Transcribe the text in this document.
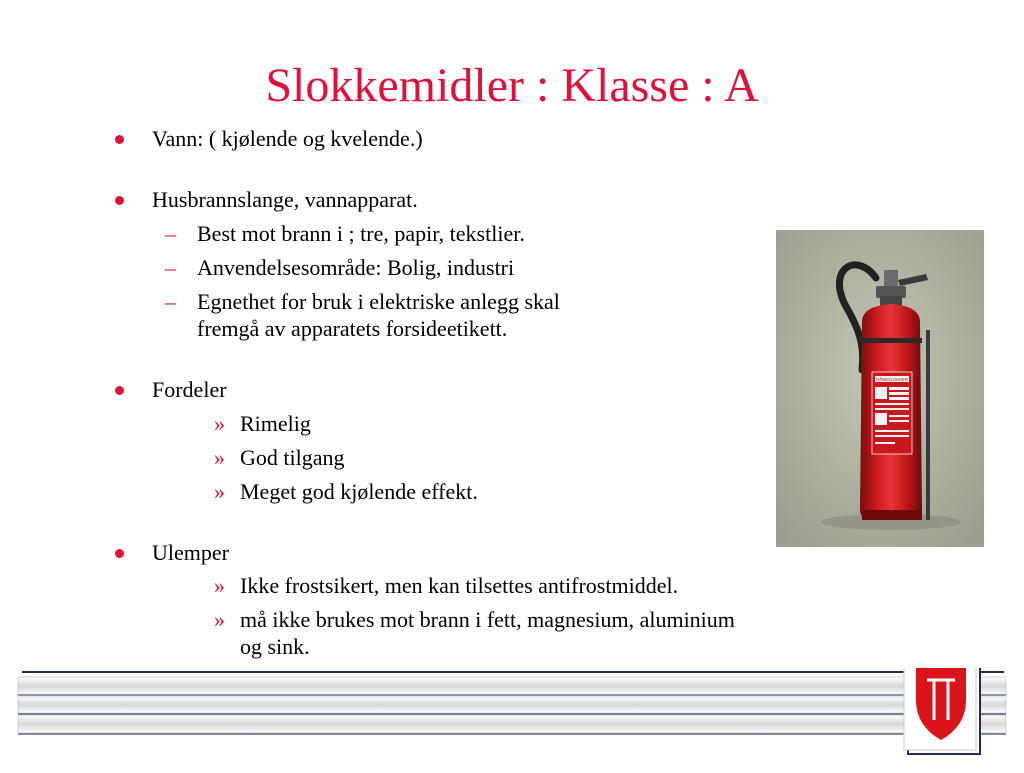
Slokkemidler : Klasse : A
Vann: ( kjølende og kvelende.)
Husbrannslange, vannapparat.
– Best mot brann i ; tre, papir, tekstlier.
– Anvendelsesområde: Bolig, industri
– Egnethet for bruk i elektriske anlegg skal
fremgå av apparatets forsideetikett.
Fordeler
» Rimelig
» God tilgang
» Meget god kjølende effekt.
Ulemper
» Ikke frostsikert, men kan tilsettes antifrostmiddel.
» må ikke brukes mot brann i fett, magnesium, aluminium
og sink.
HÅNDSLOKKER
